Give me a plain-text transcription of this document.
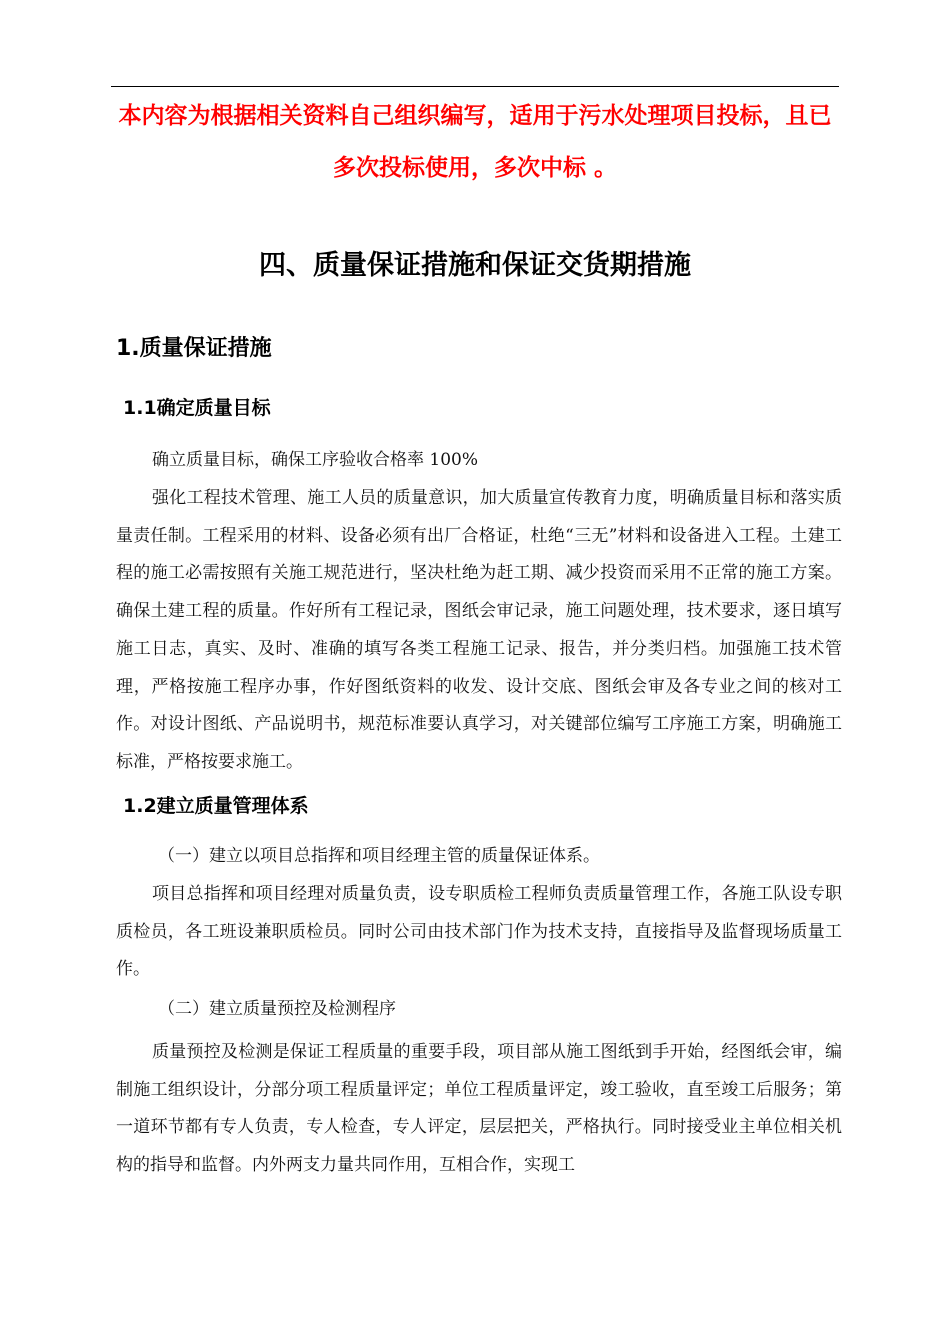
本内容为根据相关资料自己组织编写，适用于污水处理项目投标，且已多次投标使用，多次中标 。
四、质量保证措施和保证交货期措施
1.质量保证措施
1.1确定质量目标
确立质量目标，确保工序验收合格率 100%
强化工程技术管理、施工人员的质量意识，加大质量宣传教育力度，明确质量目标和落实质量责任制。工程采用的材料、设备必须有出厂合格证，杜绝“三无”材料和设备进入工程。土建工程的施工必需按照有关施工规范进行，坚决杜绝为赶工期、减少投资而采用不正常的施工方案。确保土建工程的质量。作好所有工程记录，图纸会审记录，施工问题处理，技术要求，逐日填写施工日志，真实、及时、准确的填写各类工程施工记录、报告，并分类归档。加强施工技术管理，严格按施工程序办事，作好图纸资料的收发、设计交底、图纸会审及各专业之间的核对工作。对设计图纸、产品说明书，规范标准要认真学习，对关键部位编写工序施工方案，明确施工标准，严格按要求施工。
1.2建立质量管理体系
（一）建立以项目总指挥和项目经理主管的质量保证体系。
项目总指挥和项目经理对质量负责，设专职质检工程师负责质量管理工作，各施工队设专职质检员，各工班设兼职质检员。同时公司由技术部门作为技术支持，直接指导及监督现场质量工作。
（二）建立质量预控及检测程序
质量预控及检测是保证工程质量的重要手段，项目部从施工图纸到手开始，经图纸会审，编制施工组织设计，分部分项工程质量评定；单位工程质量评定，竣工验收，直至竣工后服务；第一道环节都有专人负责，专人检查，专人评定，层层把关，严格执行。同时接受业主单位相关机构的指导和监督。内外两支力量共同作用，互相合作，实现工
